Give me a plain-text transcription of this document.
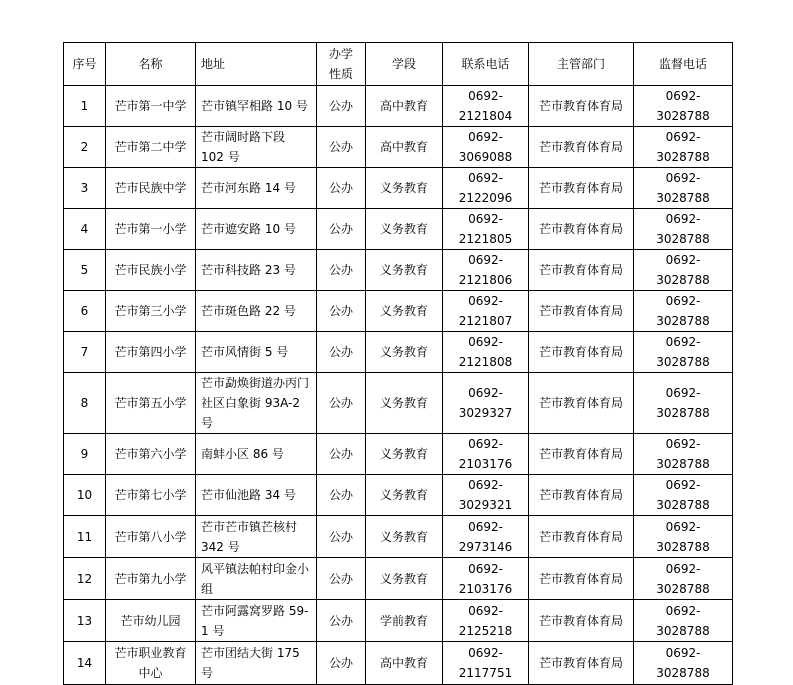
序号	名称	地址	办学性质	学段	联系电话	主管部门	监督电话
1	芒市第一中学	芒市镇罕相路 10 号	公办	高中教育	0692-2121804	芒市教育体育局	0692-3028788
2	芒市第二中学	芒市阔时路下段 102 号	公办	高中教育	0692-3069088	芒市教育体育局	0692-3028788
3	芒市民族中学	芒市河东路 14 号	公办	义务教育	0692-2122096	芒市教育体育局	0692-3028788
4	芒市第一小学	芒市遮安路 10 号	公办	义务教育	0692-2121805	芒市教育体育局	0692-3028788
5	芒市民族小学	芒市科技路 23 号	公办	义务教育	0692-2121806	芒市教育体育局	0692-3028788
6	芒市第三小学	芒市斑色路 22 号	公办	义务教育	0692-2121807	芒市教育体育局	0692-3028788
7	芒市第四小学	芒市风情街 5 号	公办	义务教育	0692-2121808	芒市教育体育局	0692-3028788
8	芒市第五小学	芒市勐焕街道办丙门社区白象街 93A-2 号	公办	义务教育	0692-3029327	芒市教育体育局	0692-3028788
9	芒市第六小学	南蚌小区 86 号	公办	义务教育	0692-2103176	芒市教育体育局	0692-3028788
10	芒市第七小学	芒市仙池路 34 号	公办	义务教育	0692-3029321	芒市教育体育局	0692-3028788
11	芒市第八小学	芒市芒市镇芒核村 342 号	公办	义务教育	0692-2973146	芒市教育体育局	0692-3028788
12	芒市第九小学	风平镇法帕村印金小组	公办	义务教育	0692-2103176	芒市教育体育局	0692-3028788
13	芒市幼儿园	芒市阿露窝罗路 59-1 号	公办	学前教育	0692-2125218	芒市教育体育局	0692-3028788
14	芒市职业教育中心	芒市团结大街 175 号	公办	高中教育	0692-2117751	芒市教育体育局	0692-3028788
